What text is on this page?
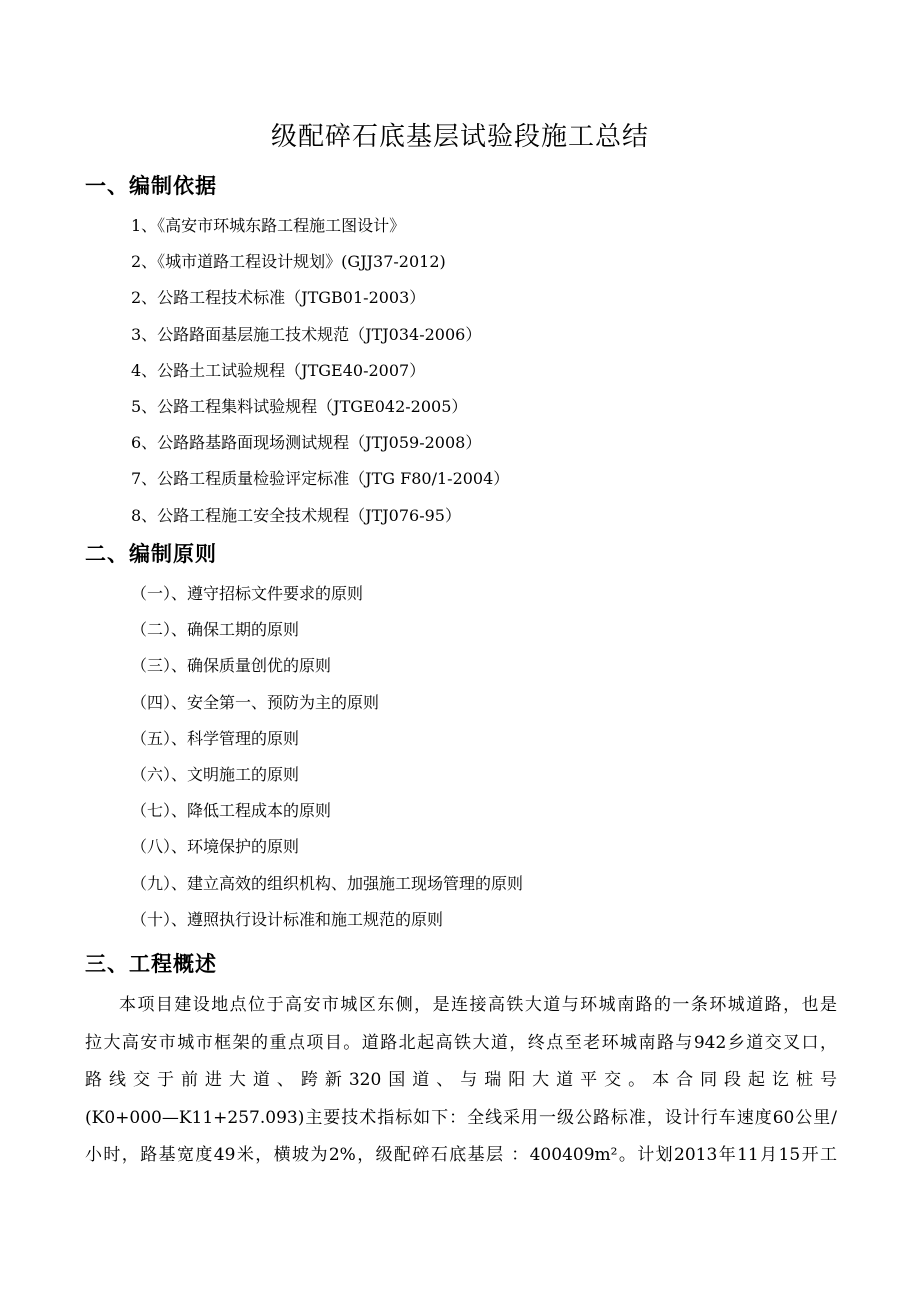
级配碎石底基层试验段施工总结
一、编制依据
1、《高安市环城东路工程施工图设计》
2、《城市道路工程设计规划》(GJJ37-2012)
2、公路工程技术标准（JTGB01-2003）
3、公路路面基层施工技术规范（JTJ034-2006）
4、公路土工试验规程（JTGE40-2007）
5、公路工程集料试验规程（JTGE042-2005）
6、公路路基路面现场测试规程（JTJ059-2008）
7、公路工程质量检验评定标准（JTG F80/1-2004）
8、公路工程施工安全技术规程（JTJ076-95）
二、编制原则
（一）、遵守招标文件要求的原则
（二）、确保工期的原则
（三）、确保质量创优的原则
（四）、安全第一、预防为主的原则
（五）、科学管理的原则
（六）、文明施工的原则
（七）、降低工程成本的原则
（八）、环境保护的原则
（九）、建立高效的组织机构、加强施工现场管理的原则
（十）、遵照执行设计标准和施工规范的原则
三、工程概述
本项目建设地点位于高安市城区东侧，是连接高铁大道与环城南路的一条环城道路，也是
拉大高安市城市框架的重点项目。道路北起高铁大道，终点至老环城南路与942乡道交叉口，
路线交于前进大道、跨新320国道、与瑞阳大道平交。本合同段起讫桩号
(K0+000—K11+257.093)主要技术指标如下：全线采用一级公路标准，设计行车速度60公里/
小时，路基宽度49米，横坡为2%，级配碎石底基层 ：400409m²。计划2013年11月15开工
